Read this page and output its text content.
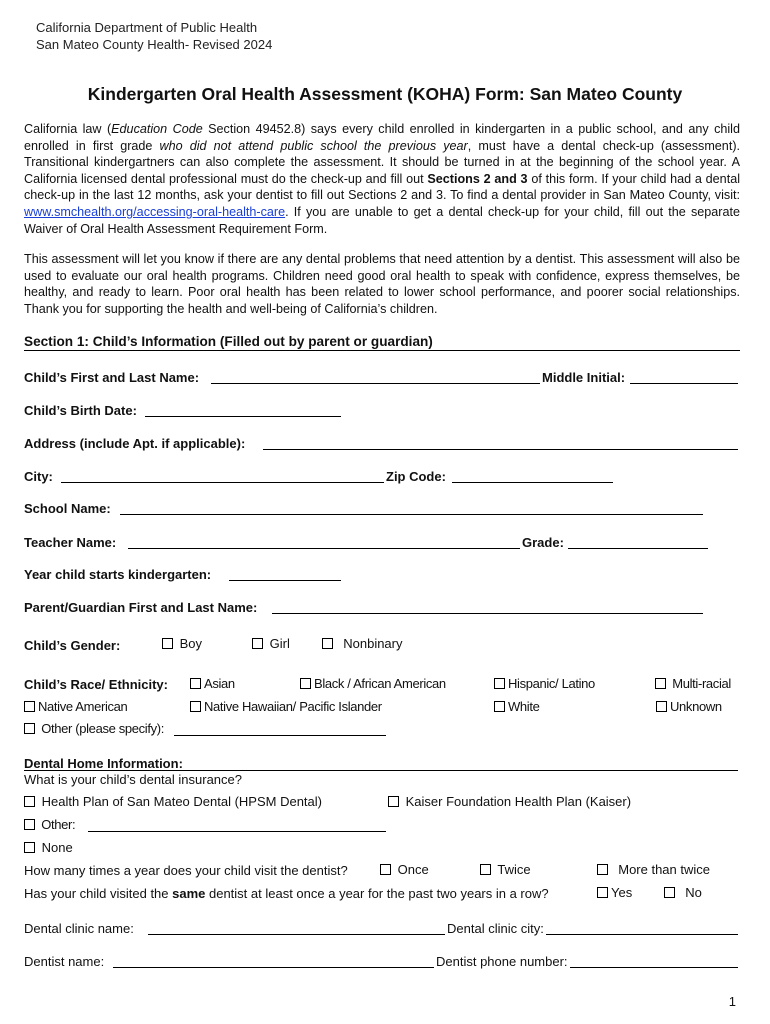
California Department of Public Health
San Mateo County Health- Revised 2024
Kindergarten Oral Health Assessment (KOHA) Form: San Mateo County
California law (Education Code Section 49452.8) says every child enrolled in kindergarten in a public school, and any child enrolled in first grade who did not attend public school the previous year, must have a dental check-up (assessment). Transitional kindergartners can also complete the assessment. It should be turned in at the beginning of the school year. A California licensed dental professional must do the check-up and fill out Sections 2 and 3 of this form. If your child had a dental check-up in the last 12 months, ask your dentist to fill out Sections 2 and 3. To find a dental provider in San Mateo County, visit: www.smchealth.org/accessing-oral-health-care. If you are unable to get a dental check-up for your child, fill out the separate Waiver of Oral Health Assessment Requirement Form.
This assessment will let you know if there are any dental problems that need attention by a dentist. This assessment will also be used to evaluate our oral health programs. Children need good oral health to speak with confidence, express themselves, be healthy, and ready to learn. Poor oral health has been related to lower school performance, and poorer social relationships. Thank you for supporting the health and well-being of California’s children.
Section 1: Child’s Information (Filled out by parent or guardian)
Child’s First and Last Name:	Middle Initial:
Child’s Birth Date:
Address (include Apt. if applicable):
City:	Zip Code:
School Name:
Teacher Name:	Grade:
Year child starts kindergarten:
Parent/Guardian First and Last Name:
Child’s Gender:	Boy	Girl	Nonbinary
Child’s Race/ Ethnicity:	Asian	Black / African American	Hispanic/ Latino	Multi-racial
Native American	Native Hawaiian/ Pacific Islander	White	Unknown
Other (please specify):
Dental Home Information:
What is your child’s dental insurance?
Health Plan of San Mateo Dental (HPSM Dental)	Kaiser Foundation Health Plan (Kaiser)
Other:
None
How many times a year does your child visit the dentist?	Once	Twice	More than twice
Has your child visited the same dentist at least once a year for the past two years in a row?	Yes	No
Dental clinic name:	Dental clinic city:
Dentist name:	Dentist phone number:
1
